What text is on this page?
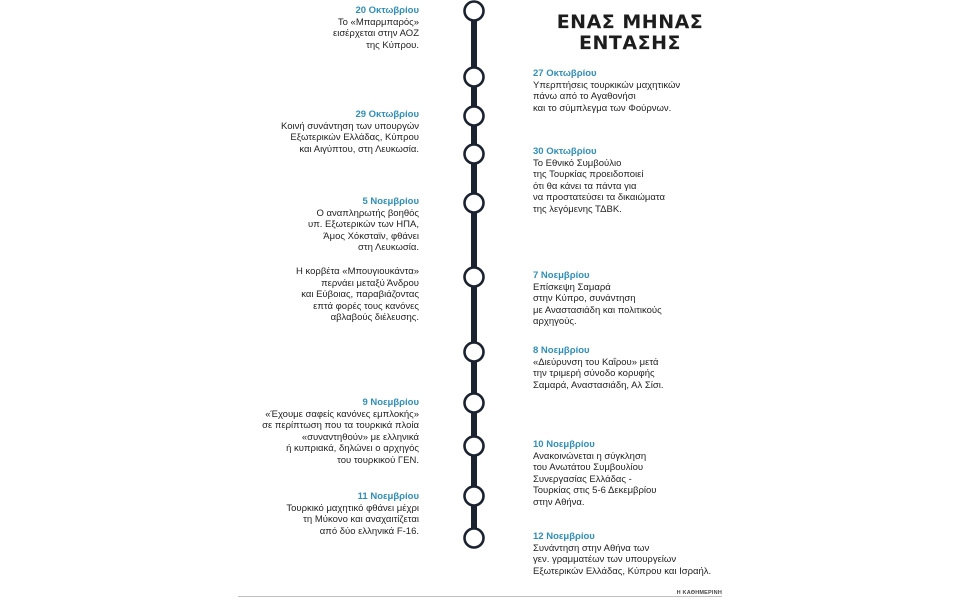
ΕΝΑΣ ΜΗΝΑΣ
ΕΝΤΑΣΗΣ
20 Οκτωβρίου
Το «Μπαρμπαρός»
εισέρχεται στην ΑΟΖ
της Κύπρου.
27 Οκτωβρίου
Υπερπτήσεις τουρκικών μαχητικών
πάνω από το Αγαθονήσι
και το σύμπλεγμα των Φούρνων.
29 Οκτωβρίου
Κοινή συνάντηση των υπουργών
Εξωτερικών Ελλάδας, Κύπρου
και Αιγύπτου, στη Λευκωσία.	30 Οκτωβρίου
Το Εθνικό Συμβούλιο
της Τουρκίας προειδοποιεί
ότι θα κάνει τα πάντα για
να προστατεύσει τα δικαιώματα
της λεγόμενης ΤΔΒΚ.
5 Νοεμβρίου
Ο αναπληρωτής βοηθός
υπ. Εξωτερικών των ΗΠΑ,
Άμος Χόκσταϊν, φθάνει
στη Λευκωσία.
Η κορβέτα «Μπουγιουκάντα»
περνάει μεταξύ Άνδρου
και Εύβοιας, παραβιάζοντας
επτά φορές τους κανόνες
αβλαβούς διέλευσης.
7 Νοεμβρίου
Επίσκεψη Σαμαρά
στην Κύπρο, συνάντηση
με Αναστασιάδη και πολιτικούς
αρχηγούς.
8 Νοεμβρίου
«Διεύρυνση του Καΐρου» μετά
την τριμερή σύνοδο κορυφής
Σαμαρά, Αναστασιάδη, Αλ Σίσι.
9 Νοεμβρίου
«Έχουμε σαφείς κανόνες εμπλοκής»
σε περίπτωση που τα τουρκικά πλοία
«συναντηθούν» με ελληνικά
ή κυπριακά, δηλώνει ο αρχηγός
του τουρκικού ΓΕΝ.
10 Νοεμβρίου
Ανακοινώνεται η σύγκληση
του Ανωτάτου Συμβουλίου
Συνεργασίας Ελλάδας -
Τουρκίας στις 5-6 Δεκεμβρίου
στην Αθήνα.
11 Νοεμβρίου
Τουρκικό μαχητικό φθάνει μέχρι
τη Μύκονο και αναχαιτίζεται
από δύο ελληνικά F-16.	12 Νοεμβρίου
Συνάντηση στην Αθήνα των
γεν. γραμματέων των υπουργείων
Εξωτερικών Ελλάδας, Κύπρου και Ισραήλ.
Η ΚΑΘΗΜΕΡΙΝΗ
